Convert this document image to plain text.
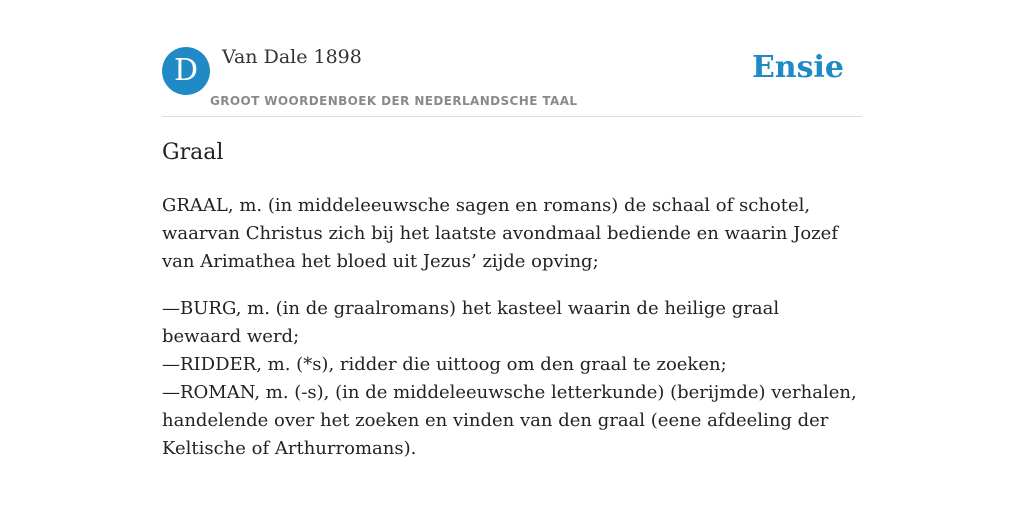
D	Van Dale 1898
GROOT WOORDENBOEK DER NEDERLANDSCHE TAAL
Ensie
Graal

GRAAL, m. (in middeleeuwsche sagen en romans) de schaal of schotel, waarvan Christus zich bij het laatste avondmaal bediende en waarin Jozef van Arimathea het bloed uit Jezus’ zijde opving;

—BURG, m. (in de graalromans) het kasteel waarin de heilige graal bewaard werd;
—RIDDER, m. (*s), ridder die uittoog om den graal te zoeken;
—ROMAN, m. (-s), (in de middeleeuwsche letterkunde) (berijmde) verhalen, handelende over het zoeken en vinden van den graal (eene afdeeling der Keltische of Arthurromans).
